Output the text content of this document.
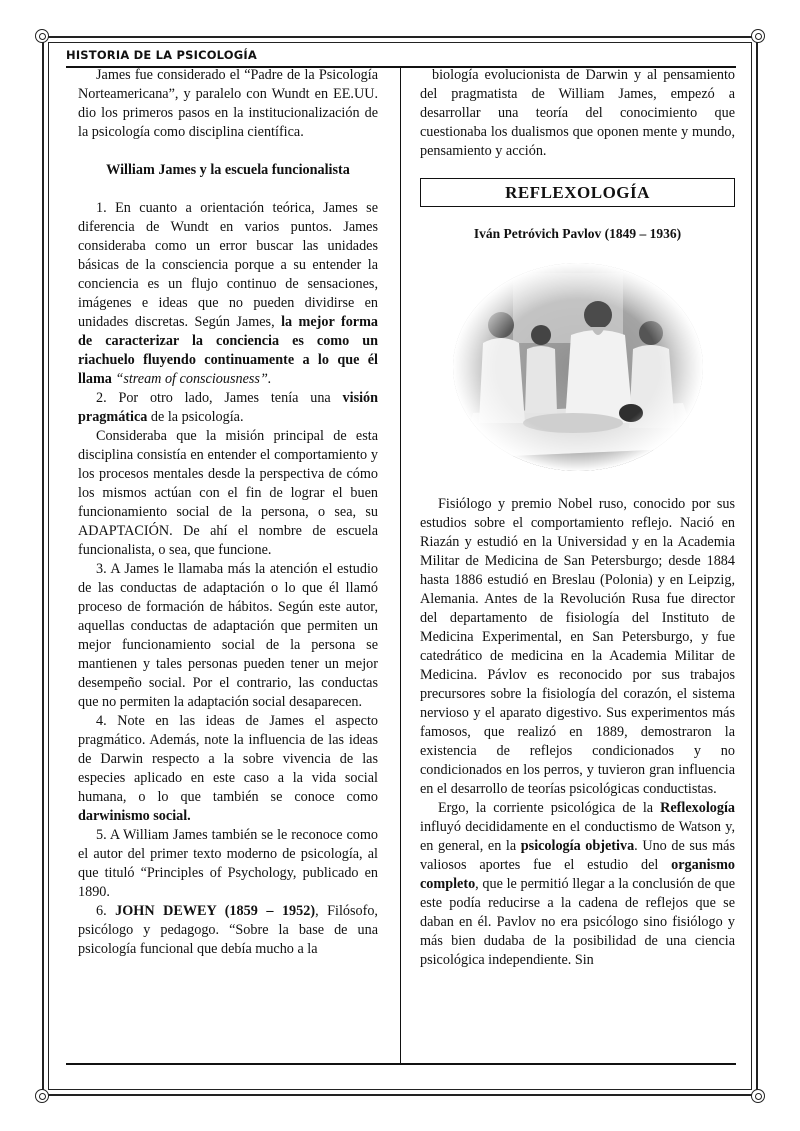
HISTORIA DE LA PSICOLOGÍA

James fue considerado el “Padre de la Psicología Norteamericana”, y paralelo con Wundt en EE.UU. dio los primeros pasos en la institucionalización de la psicología como disciplina científica.

William James y la escuela funcionalista

1. En cuanto a orientación teórica, James se diferencia de Wundt en varios puntos. James consideraba como un error buscar las unidades básicas de la consciencia porque a su entender la conciencia es un flujo continuo de sensaciones, imágenes e ideas que no pueden dividirse en unidades discretas. Según James, la mejor forma de caracterizar la conciencia es como un riachuelo fluyendo continuamente a lo que él llama “stream of consciousness”.

2. Por otro lado, James tenía una visión pragmática de la psicología.

Consideraba que la misión principal de esta disciplina consistía en entender el comportamiento y los procesos mentales desde la perspectiva de cómo los mismos actúan con el fin de lograr el buen funcionamiento social de la persona, o sea, su ADAPTACIÓN. De ahí el nombre de escuela funcionalista, o sea, que funcione.

3. A James le llamaba más la atención el estudio de las conductas de adaptación o lo que él llamó proceso de formación de hábitos. Según este autor, aquellas conductas de adaptación que permiten un mejor funcionamiento social de la persona se mantienen y tales personas pueden tener un mejor desempeño social. Por el contrario, las conductas que no permiten la adaptación social desaparecen.

4. Note en las ideas de James el aspecto pragmático. Además, note la influencia de las ideas de Darwin respecto a la sobre vivencia de las especies aplicado en este caso a la vida social humana, o lo que también se conoce como darwinismo social.

5. A William James también se le reconoce como el autor del primer texto moderno de psicología, al que tituló “Principles of Psychology, publicado en 1890.

6. JOHN DEWEY (1859 – 1952), Filósofo, psicólogo y pedagogo. “Sobre la base de una psicología funcional que debía mucho a la

biología evolucionista de Darwin y al pensamiento del pragmatista de William James, empezó a desarrollar una teoría del conocimiento que cuestionaba los dualismos que oponen mente y mundo, pensamiento y acción.

REFLEXOLOGÍA
Iván Petróvich Pavlov (1849 – 1936)

Fisiólogo y premio Nobel ruso, conocido por sus estudios sobre el comportamiento reflejo. Nació en Riazán y estudió en la Universidad y en la Academia Militar de Medicina de San Petersburgo; desde 1884 hasta 1886 estudió en Breslau (Polonia) y en Leipzig, Alemania. Antes de la Revolución Rusa fue director del departamento de fisiología del Instituto de Medicina Experimental, en San Petersburgo, y fue catedrático de medicina en la Academia Militar de Medicina. Pávlov es reconocido por sus trabajos precursores sobre la fisiología del corazón, el sistema nervioso y el aparato digestivo. Sus experimentos más famosos, que realizó en 1889, demostraron la existencia de reflejos condicionados y no condicionados en los perros, y tuvieron gran influencia en el desarrollo de teorías psicológicas conductistas.

Ergo, la corriente psicológica de la Reflexología influyó decididamente en el conductismo de Watson y, en general, en la psicología objetiva. Uno de sus más valiosos aportes fue el estudio del organismo completo, que le permitió llegar a la conclusión de que este podía reducirse a la cadena de reflejos que se daban en él. Pavlov no era psicólogo sino fisiólogo y más bien dudaba de la posibilidad de una ciencia psicológica independiente. Sin
